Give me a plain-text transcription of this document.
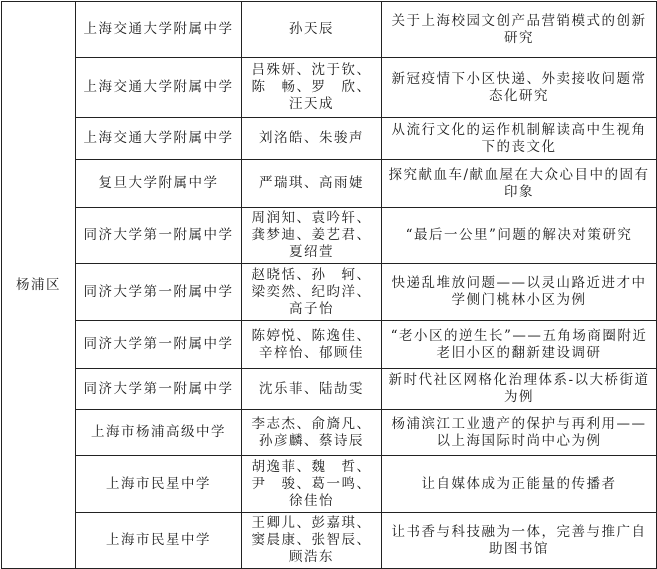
杨浦区	上海交通大学附属中学	孙天辰	关于上海校园文创产品营销模式的创新研究
	上海交通大学附属中学	吕殊妍、沈于钦、陈　畅、罗　欣、汪天成	新冠疫情下小区快递、外卖接收问题常态化研究
	上海交通大学附属中学	刘洺皓、朱骏声	从流行文化的运作机制解读高中生视角下的丧文化
	复旦大学附属中学	严瑞琪、高雨婕	探究献血车/献血屋在大众心目中的固有印象
	同济大学第一附属中学	周润知、袁吟轩、龚梦迪、姜艺君、夏绍萱	“最后一公里”问题的解决对策研究
	同济大学第一附属中学	赵晓恬、孙　轲、梁奕然、纪昀洋、高子怡	快递乱堆放问题——以灵山路近进才中学侧门桃林小区为例
	同济大学第一附属中学	陈婷悦、陈逸佳、辛梓怡、郁顾佳	“老小区的逆生长”——五角场商圈附近老旧小区的翻新建设调研
	同济大学第一附属中学	沈乐菲、陆劼雯	新时代社区网格化治理体系-以大桥街道为例
	上海市杨浦高级中学	李志杰、俞旖凡、孙彦麟、蔡诗辰	杨浦滨江工业遗产的保护与再利用——以上海国际时尚中心为例
	上海市民星中学	胡逸菲、魏　哲、尹　骏、葛一鸣、徐佳怡	让自媒体成为正能量的传播者
	上海市民星中学	王卿儿、彭嘉琪、窦晨康、张智辰、顾浩东	让书香与科技融为一体，完善与推广自助图书馆
